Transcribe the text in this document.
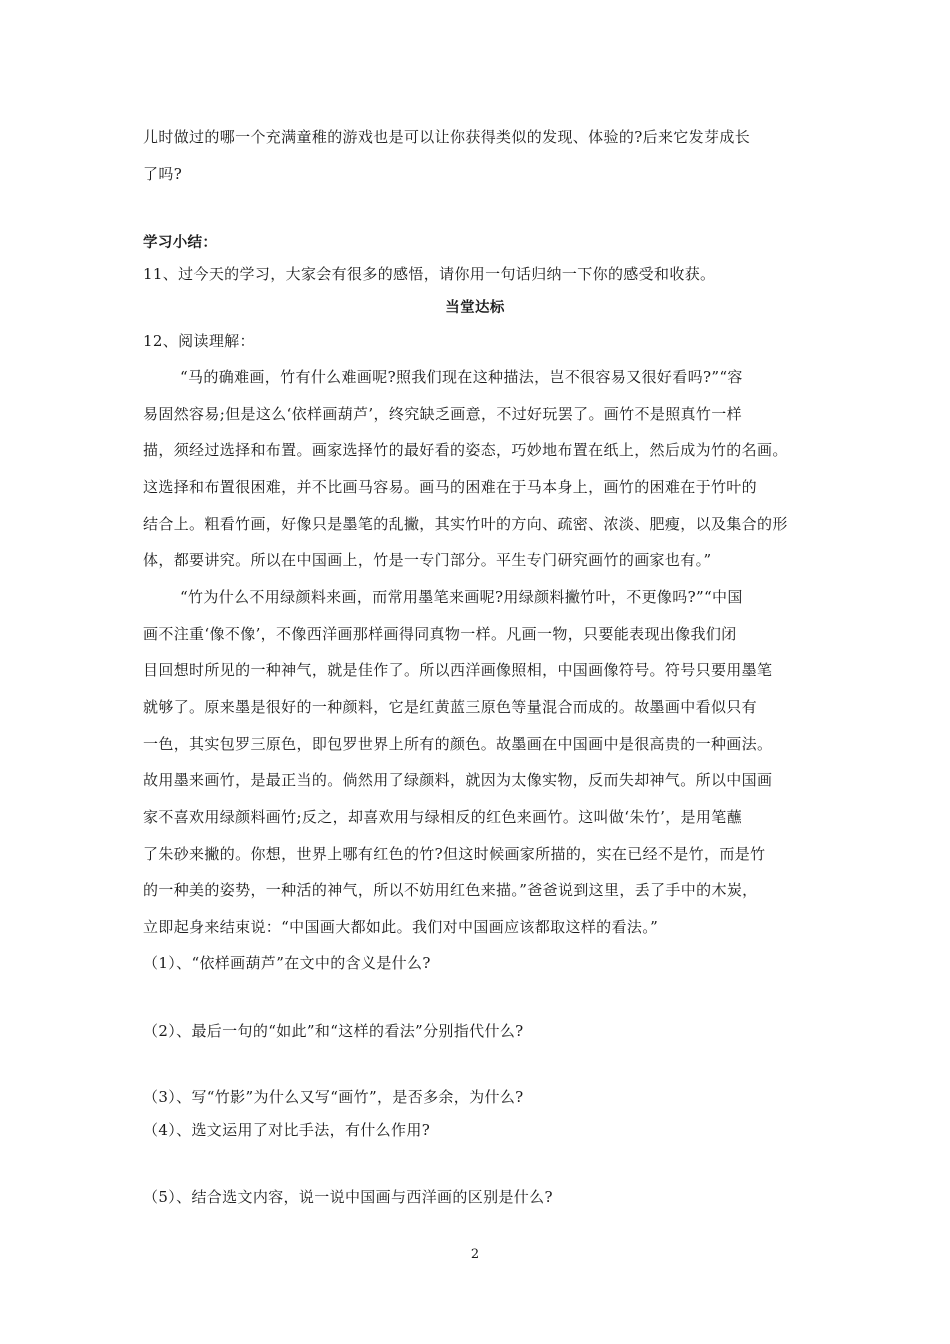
儿时做过的哪一个充满童稚的游戏也是可以让你获得类似的发现、体验的?后来它发芽成长
了吗?
学习小结：
11、过今天的学习，大家会有很多的感悟，请你用一句话归纳一下你的感受和收获。
当堂达标
12、阅读理解：
“马的确难画，竹有什么难画呢?照我们现在这种描法，岂不很容易又很好看吗?”“容
易固然容易;但是这么‘依样画葫芦’，终究缺乏画意，不过好玩罢了。画竹不是照真竹一样
描，须经过选择和布置。画家选择竹的最好看的姿态，巧妙地布置在纸上，然后成为竹的名画。
这选择和布置很困难，并不比画马容易。画马的困难在于马本身上，画竹的困难在于竹叶的
结合上。粗看竹画，好像只是墨笔的乱撇，其实竹叶的方向、疏密、浓淡、肥瘦，以及集合的形
体，都要讲究。所以在中国画上，竹是一专门部分。平生专门研究画竹的画家也有。”
“竹为什么不用绿颜料来画，而常用墨笔来画呢?用绿颜料撇竹叶，不更像吗?”“中国
画不注重‘像不像’，不像西洋画那样画得同真物一样。凡画一物，只要能表现出像我们闭
目回想时所见的一种神气，就是佳作了。所以西洋画像照相，中国画像符号。符号只要用墨笔
就够了。原来墨是很好的一种颜料，它是红黄蓝三原色等量混合而成的。故墨画中看似只有
一色，其实包罗三原色，即包罗世界上所有的颜色。故墨画在中国画中是很高贵的一种画法。
故用墨来画竹，是最正当的。倘然用了绿颜料，就因为太像实物，反而失却神气。所以中国画
家不喜欢用绿颜料画竹;反之，却喜欢用与绿相反的红色来画竹。这叫做‘朱竹’，是用笔蘸
了朱砂来撇的。你想，世界上哪有红色的竹?但这时候画家所描的，实在已经不是竹，而是竹
的一种美的姿势，一种活的神气，所以不妨用红色来描。”爸爸说到这里，丢了手中的木炭，
立即起身来结束说：“中国画大都如此。我们对中国画应该都取这样的看法。”
（1）、“依样画葫芦”在文中的含义是什么?
（2）、最后一句的“如此”和“这样的看法”分别指代什么?
（3）、写“竹影”为什么又写“画竹”，是否多余，为什么?
（4）、选文运用了对比手法，有什么作用?
（5）、结合选文内容，说一说中国画与西洋画的区别是什么?
2
